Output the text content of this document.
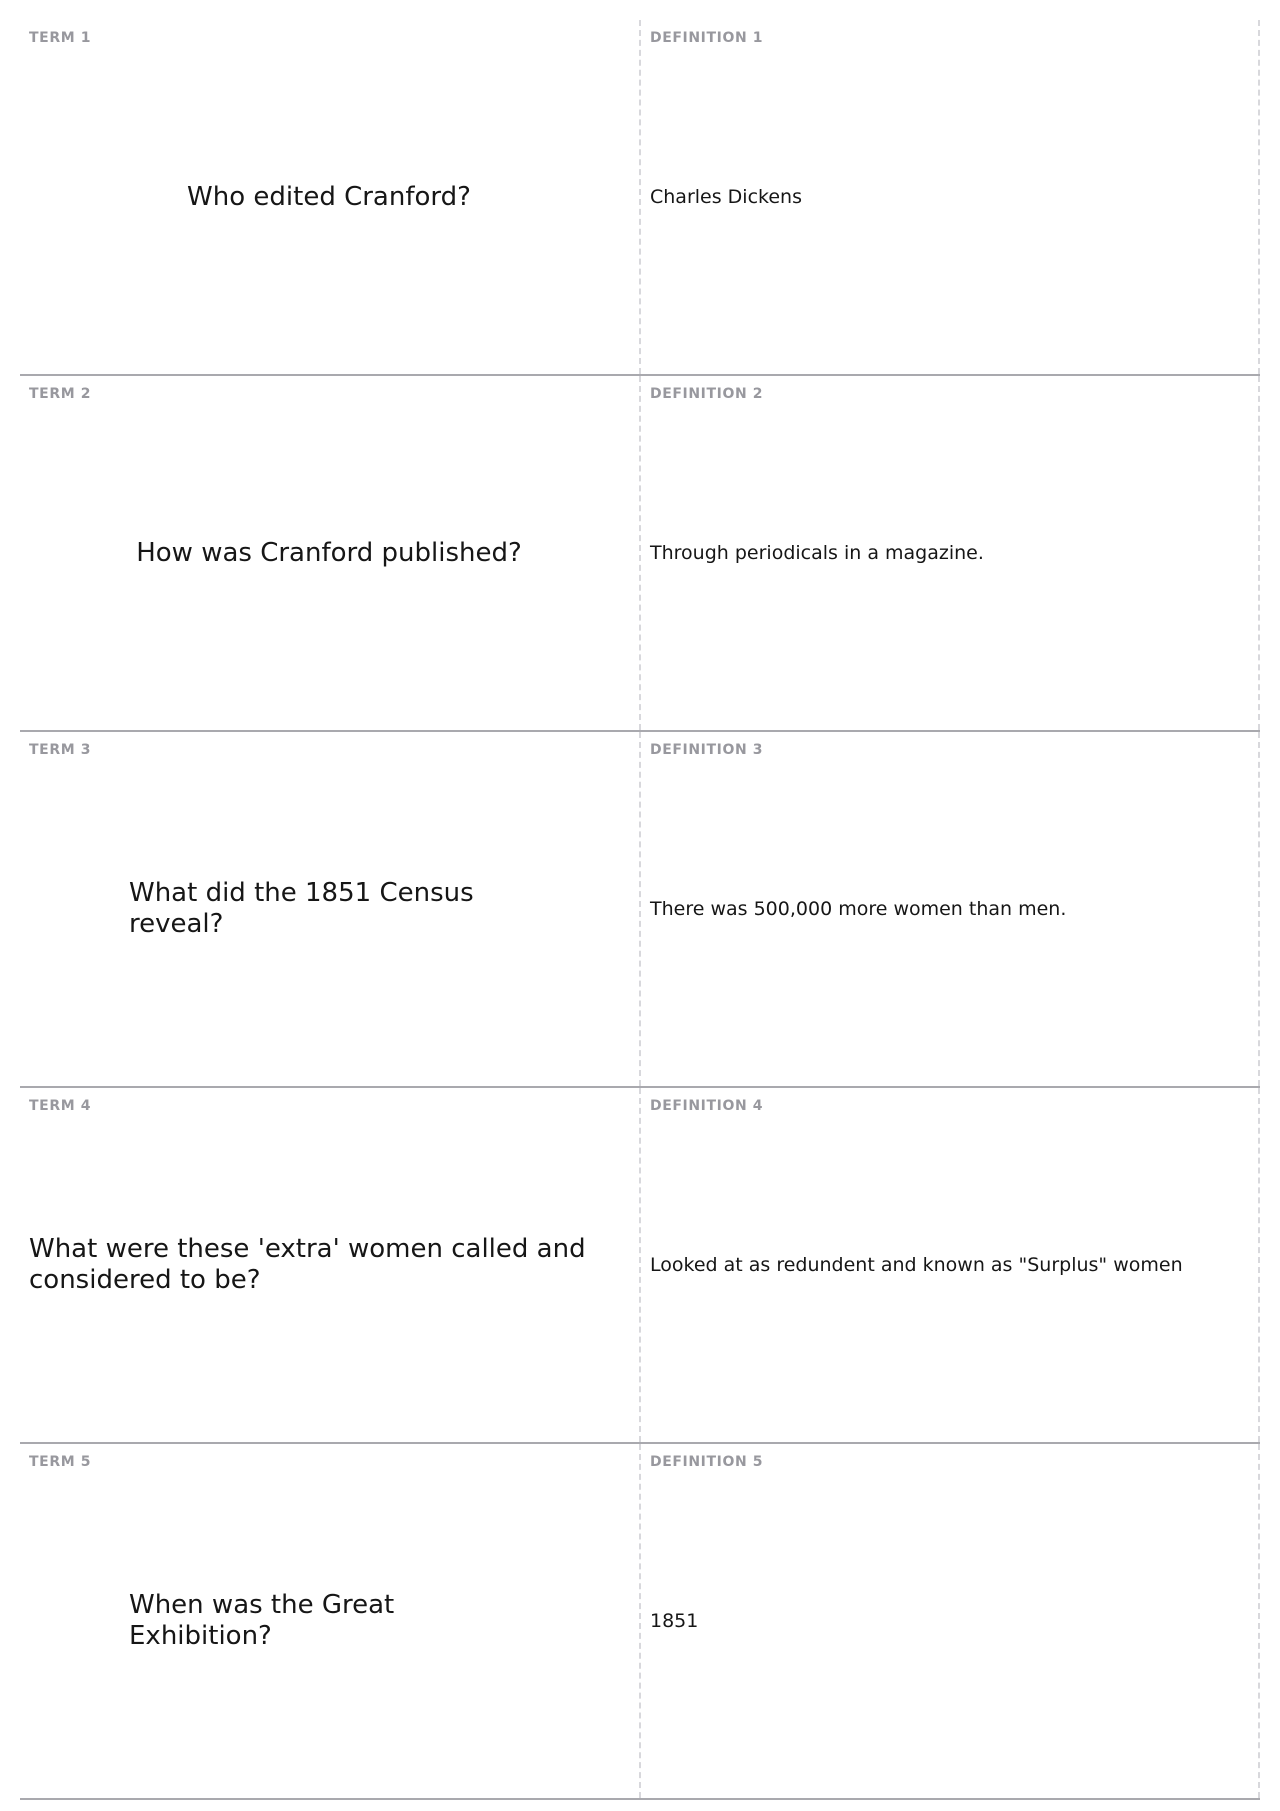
TERM 1
Who edited Cranford?
DEFINITION 1
Charles Dickens
TERM 2
How was Cranford published?
DEFINITION 2
Through periodicals in a magazine.
TERM 3
What did the 1851 Census reveal?
DEFINITION 3
There was 500,000 more women than men.
TERM 4
What were these 'extra' women called and considered to be?
DEFINITION 4
Looked at as redundent and known as "Surplus" women
TERM 5
When was the Great Exhibition?
DEFINITION 5
1851
